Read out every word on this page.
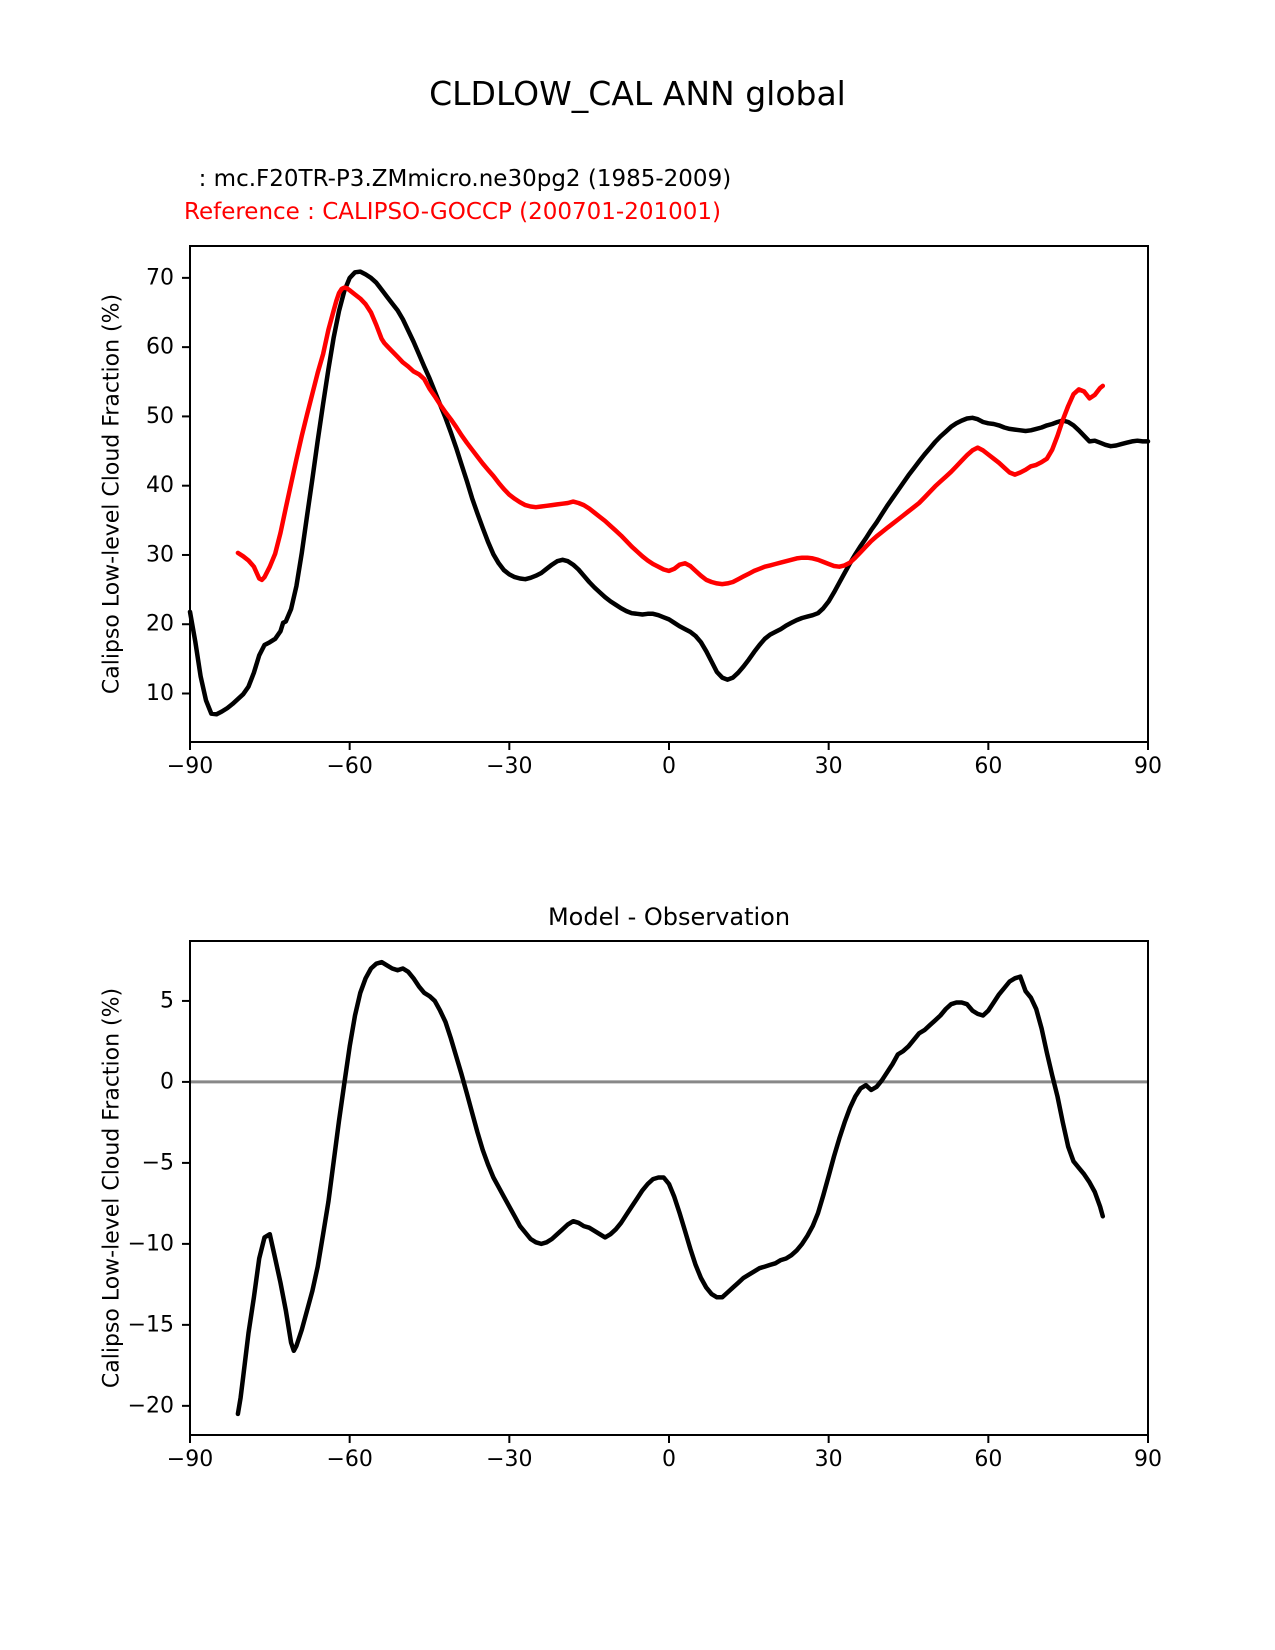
CLDLOW_CAL ANN global
: mc.F20TR-P3.ZMmicro.ne30pg2 (1985-2009)
Reference : CALIPSO-GOCCP (200701-201001)
−90	−60	−30	0	30	60	90
10
20
30
40
50
60
70
Calipso Low-level Cloud Fraction (%)
−90	−60	−30	0	30	60	90
5
0
−5
−10
−15
−20
Model - Observation
Calipso Low-level Cloud Fraction (%)
